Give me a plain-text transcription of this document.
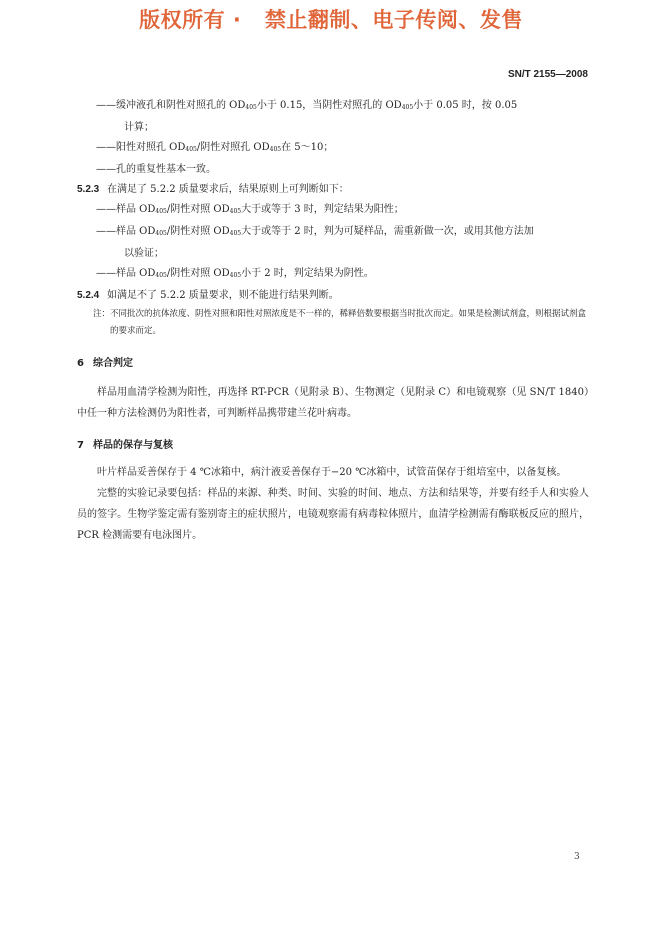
版权所有 ·   禁止翻制、电子传阅、发售
SN/T 2155—2008

——缓冲液孔和阴性对照孔的 $OD_{405}$小于 0.15，当阴性对照孔的 $OD_{405}$小于 0.05 时，按 0.05

计算；

——阳性对照孔 $OD_{405}/$阴性对照孔 $OD_{405}$在 5～10；

——孔的重复性基本一致。

5.2.3 在满足了 5.2.2 质量要求后，结果原则上可判断如下：

——样品 $OD_{405}/$阴性对照 $OD_{405}$大于或等于 3 时，判定结果为阳性；

——样品 $OD_{405}/$阴性对照 $OD_{405}$大于或等于 2 时，判为可疑样品，需重新做一次，或用其他方法加

以验证；

——样品 $OD_{405}/$阴性对照 $OD_{405}$小于 2 时，判定结果为阴性。

5.2.4 如满足不了 5.2.2 质量要求，则不能进行结果判断。

注：不同批次的抗体浓度、阴性对照和阳性对照浓度是不一样的，稀释倍数要根据当时批次而定。如果是检测试剂盒，则根据试剂盒的要求而定。

6 综合判定

样品用血清学检测为阳性，再选择 RT-PCR（见附录 B）、生物测定（见附录 C）和电镜观察（见 SN/T 1840）中任一种方法检测仍为阳性者，可判断样品携带建兰花叶病毒。

7 样品的保存与复核

叶片样品妥善保存于 4 ℃冰箱中，病汁液妥善保存于−20 ℃冰箱中，试管苗保存于组培室中，以备复核。

完整的实验记录要包括：样品的来源、种类、时间、实验的时间、地点、方法和结果等，并要有经手人和实验人员的签字。生物学鉴定需有鉴别寄主的症状照片，电镜观察需有病毒粒体照片，血清学检测需有酶联板反应的照片，PCR 检测需要有电泳图片。

3
